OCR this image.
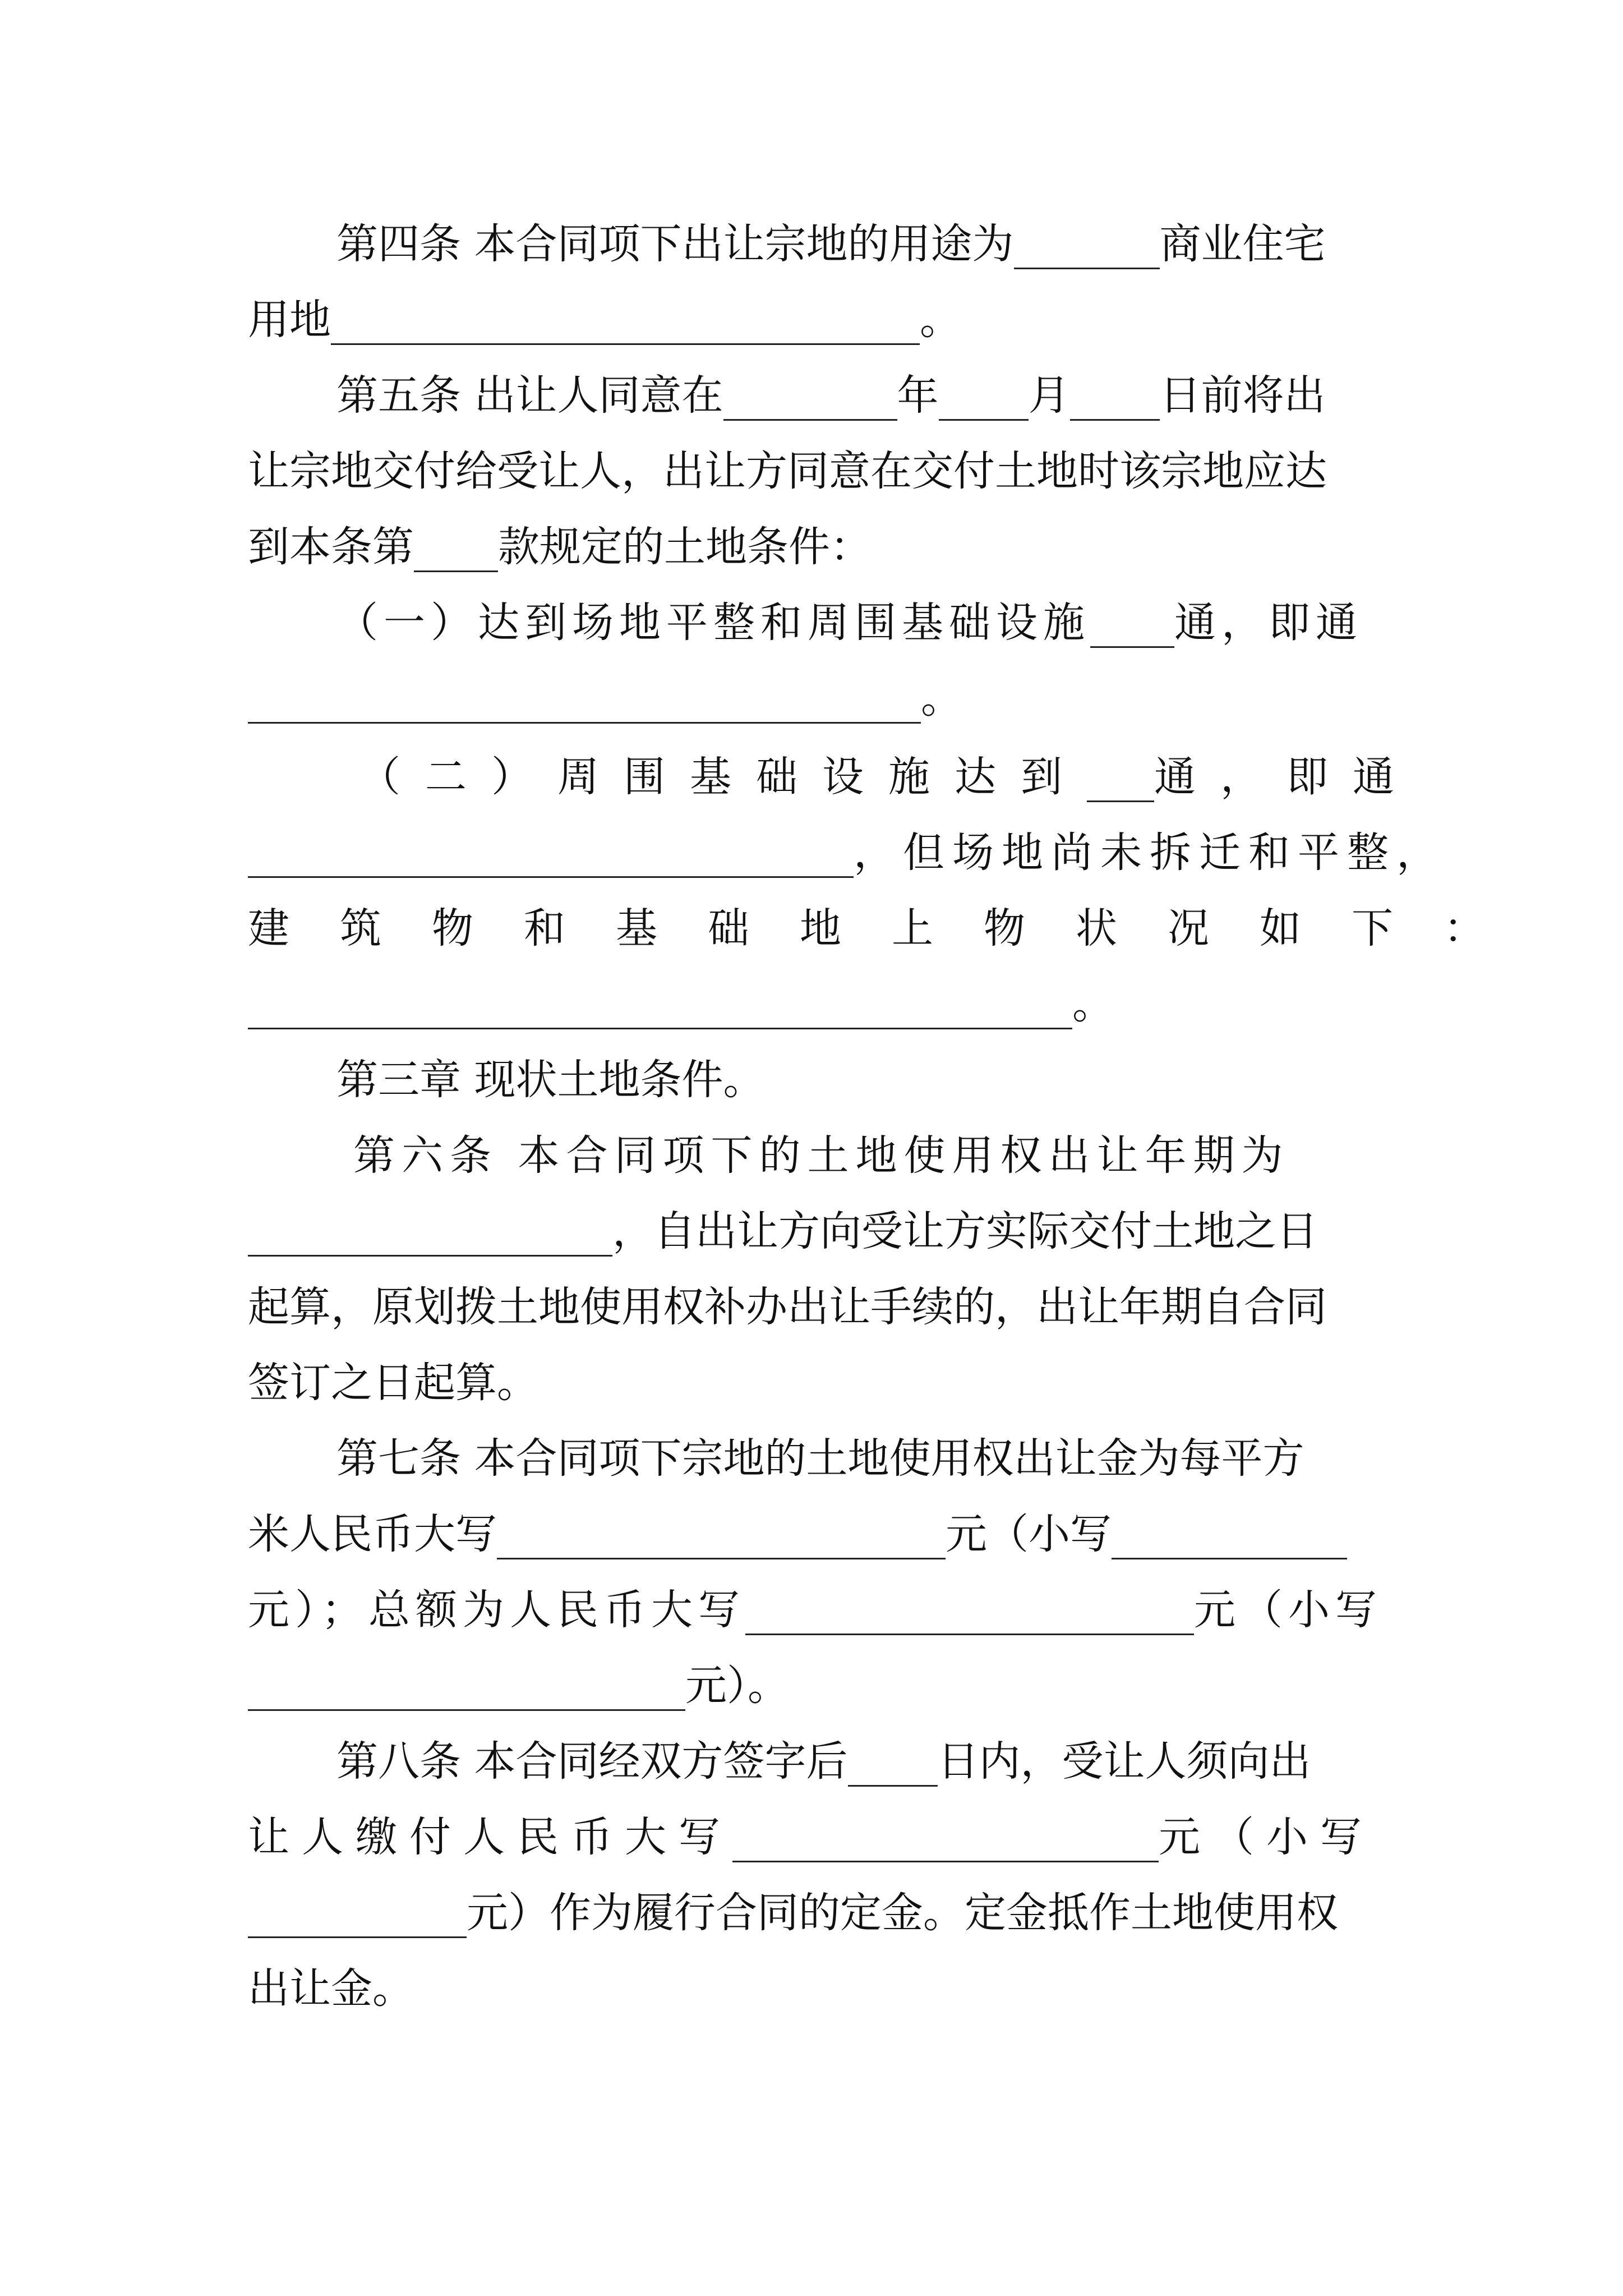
第四条 本合同项下出让宗地的用途为	商业住宅
用地	。
第五条 出让人同意在	年 月 日前将出
让宗地交付给受让人，出让方同意在交付土地时该宗地应达
到本条第 款规定的土地条件：
（一）达到场地平整和周围基础设施 通，即通
。
（二）周围基础设施达到 通，即通
，但场地尚未拆迁和平整，
建筑物和基础地上物状况如下：
。
第三章 现状土地条件。
第六条 本合同项下的土地使用权出让年期为
，自出让方向受让方实际交付土地之日
起算，原划拨土地使用权补办出让手续的，出让年期自合同
签订之日起算。
第七条 本合同项下宗地的土地使用权出让金为每平方
米人民币大写	元（小写
元）；总额为人民币大写	元（小写
元）。
第八条 本合同经双方签字后 日内，受让人须向出
让人缴付人民币大写	元（小写
元）作为履行合同的定金。定金抵作土地使用权
出让金。
